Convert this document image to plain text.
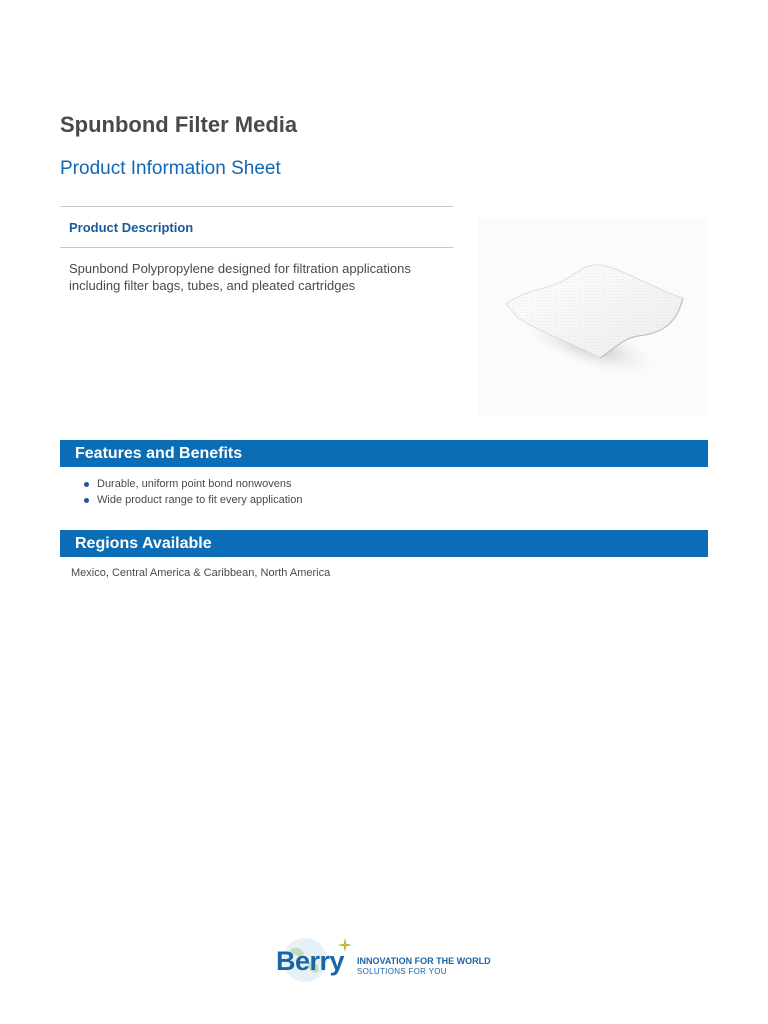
Spunbond Filter Media
Product Information Sheet
Product Description

Spunbond Polypropylene designed for filtration applications including filter bags, tubes, and pleated cartridges

Features and Benefits
Durable, uniform point bond nonwovens
Wide product range to fit every application
Regions Available

Mexico, Central America & Caribbean, North America

Berry INNOVATION FOR THE WORLD
SOLUTIONS FOR YOU
